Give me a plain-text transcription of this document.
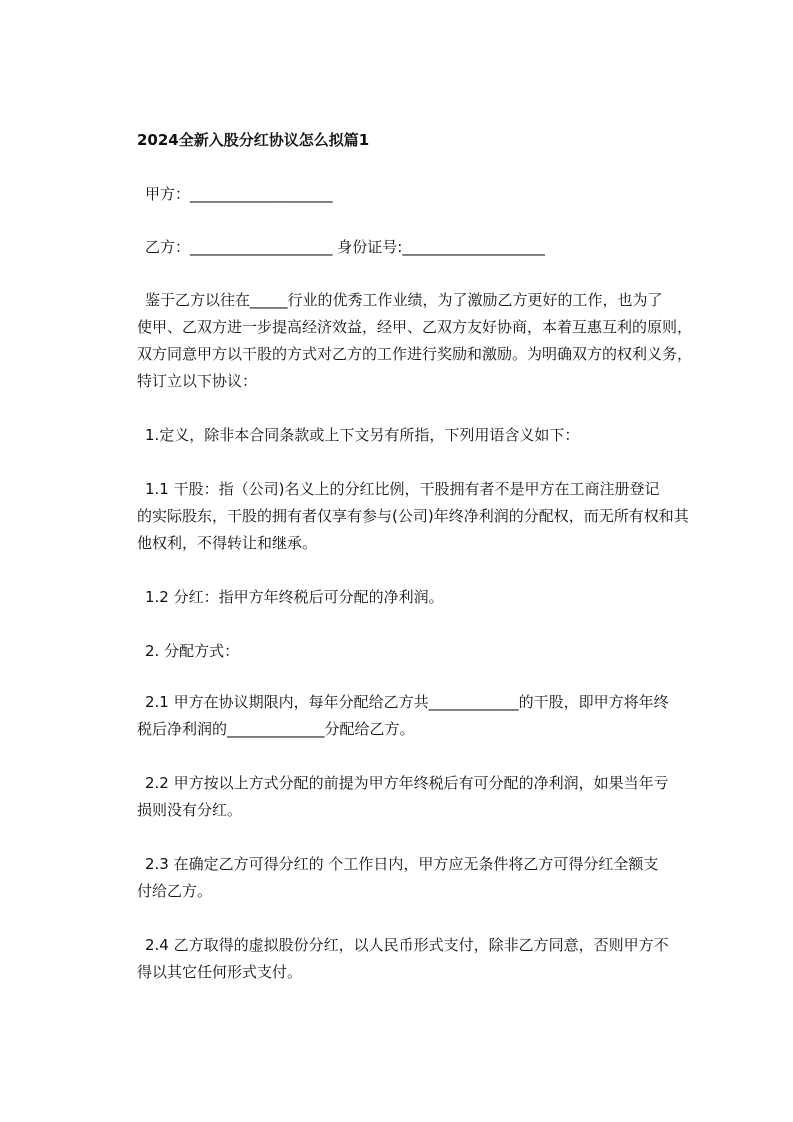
2024全新入股分红协议怎么拟篇1
甲方：___________________
乙方：___________________ 身份证号:___________________
鉴于乙方以往在_____行业的优秀工作业绩，为了激励乙方更好的工作，也为了
使甲、乙双方进一步提高经济效益，经甲、乙双方友好协商，本着互惠互利的原则，
双方同意甲方以干股的方式对乙方的工作进行奖励和激励。为明确双方的权利义务，
特订立以下协议：
1.定义，除非本合同条款或上下文另有所指，下列用语含义如下：
1.1 干股：指（公司)名义上的分红比例，干股拥有者不是甲方在工商注册登记
的实际股东，干股的拥有者仅享有参与(公司)年终净利润的分配权，而无所有权和其
他权利，不得转让和继承。
1.2 分红：指甲方年终税后可分配的净利润。
2. 分配方式：
2.1 甲方在协议期限内，每年分配给乙方共____________的干股，即甲方将年终
税后净利润的_____________分配给乙方。
2.2 甲方按以上方式分配的前提为甲方年终税后有可分配的净利润，如果当年亏
损则没有分红。
2.3 在确定乙方可得分红的 个工作日内，甲方应无条件将乙方可得分红全额支
付给乙方。
2.4 乙方取得的虚拟股份分红，以人民币形式支付，除非乙方同意，否则甲方不
得以其它任何形式支付。
